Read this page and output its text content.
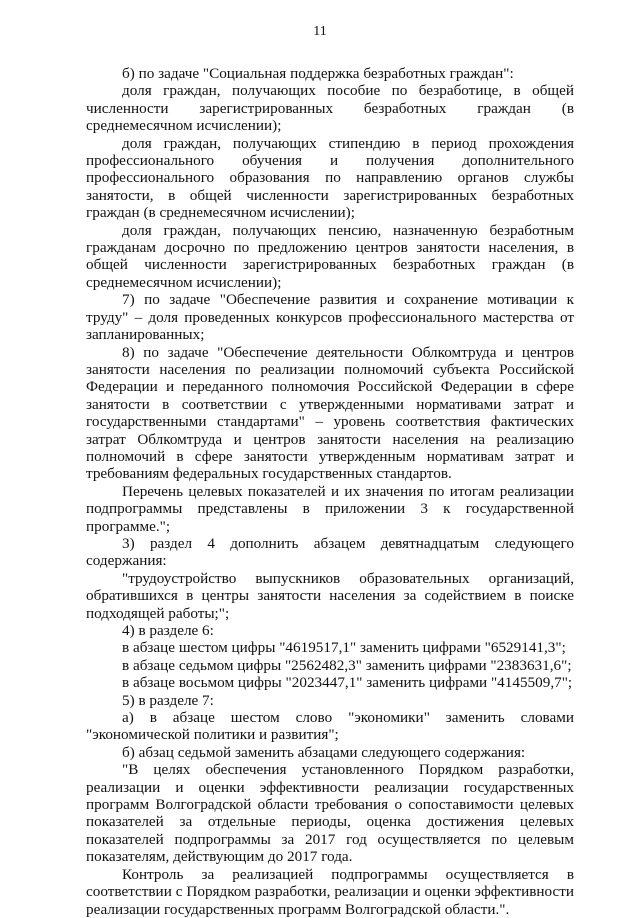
11

б) по задаче "Социальная поддержка безработных граждан":

доля граждан, получающих пособие по безработице, в общей численности зарегистрированных безработных граждан (в среднемесячном исчислении);

доля граждан, получающих стипендию в период прохождения профессионального обучения и получения дополнительного профессионального образования по направлению органов службы занятости, в общей численности зарегистрированных безработных граждан (в среднемесячном исчислении);

доля граждан, получающих пенсию, назначенную безработным гражданам досрочно по предложению центров занятости населения, в общей численности зарегистрированных безработных граждан (в среднемесячном исчислении);

7) по задаче "Обеспечение развития и сохранение мотивации к труду" – доля проведенных конкурсов профессионального мастерства от запланированных;

8) по задаче "Обеспечение деятельности Облкомтруда и центров занятости населения по реализации полномочий субъекта Российской Федерации и переданного полномочия Российской Федерации в сфере занятости в соответствии с утвержденными нормативами затрат и государственными стандартами" – уровень соответствия фактических затрат Облкомтруда и центров занятости населения на реализацию полномочий в сфере занятости утвержденным нормативам затрат и требованиям федеральных государственных стандартов.

Перечень целевых показателей и их значения по итогам реализации подпрограммы представлены в приложении 3 к государственной программе.";

3) раздел 4 дополнить абзацем девятнадцатым следующего содержания:

"трудоустройство выпускников образовательных организаций, обратившихся в центры занятости населения за содействием в поиске подходящей работы;";

4) в разделе 6:

в абзаце шестом цифры "4619517,1" заменить цифрами "6529141,3";

в абзаце седьмом цифры "2562482,3" заменить цифрами "2383631,6";

в абзаце восьмом цифры "2023447,1" заменить цифрами "4145509,7";

5) в разделе 7:

а) в абзаце шестом слово "экономики" заменить словами "экономической политики и развития";

б) абзац седьмой заменить абзацами следующего содержания:

"В целях обеспечения установленного Порядком разработки, реализации и оценки эффективности реализации государственных программ Волгоградской области требования о сопоставимости целевых показателей за отдельные периоды, оценка достижения целевых показателей подпрограммы за 2017 год осуществляется по целевым показателям, действующим до 2017 года.

Контроль за реализацией подпрограммы осуществляется в соответствии с Порядком разработки, реализации и оценки эффективности реализации государственных программ Волгоградской области.".
